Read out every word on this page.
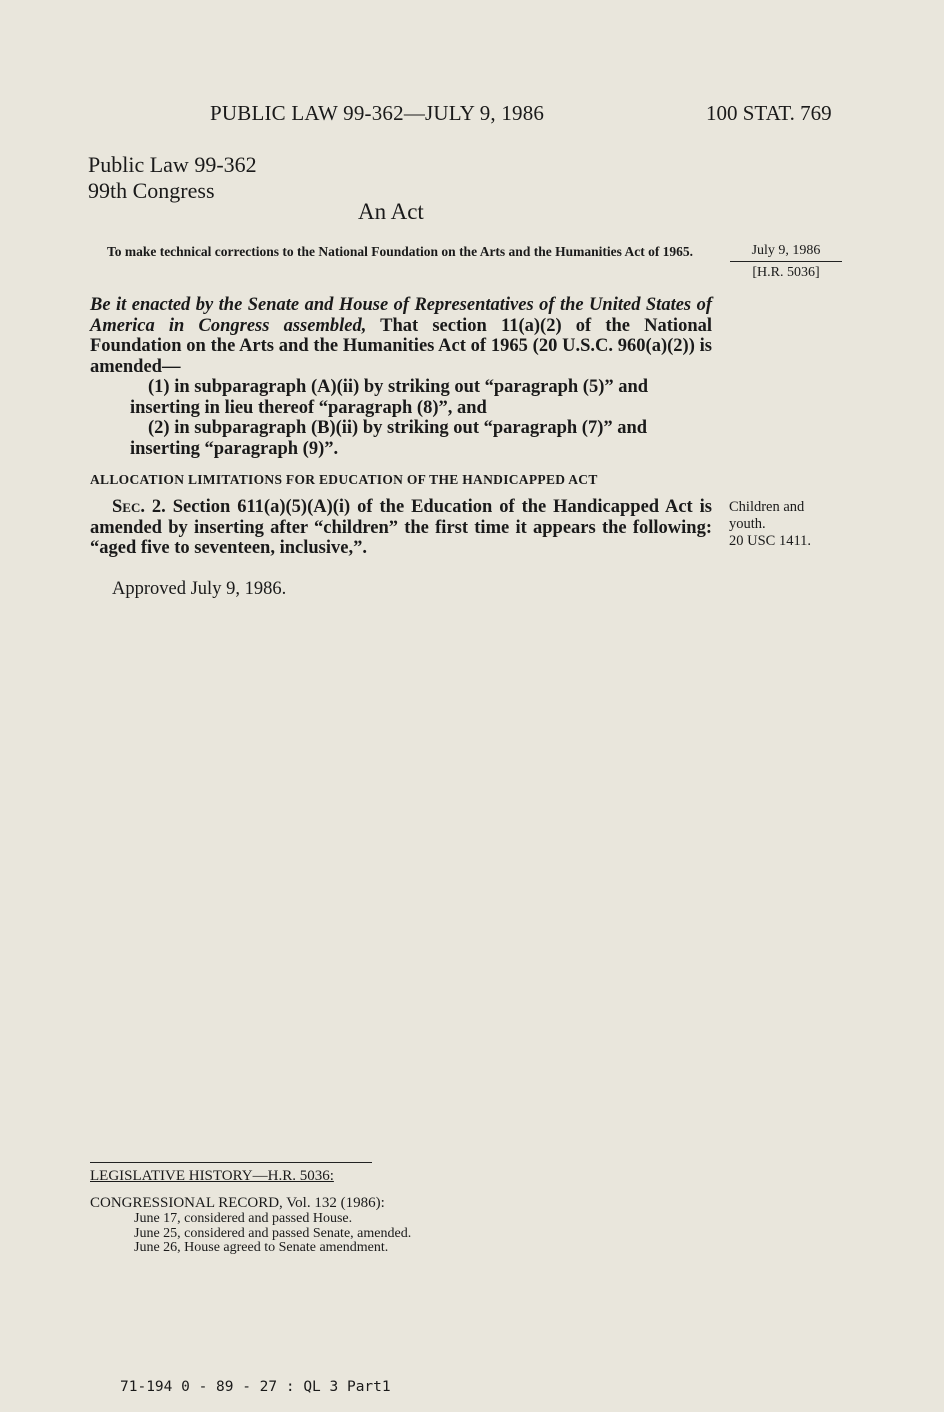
PUBLIC LAW 99-362—JULY 9, 1986	100 STAT. 769
Public Law 99-362
99th Congress
An Act
To make technical corrections to the National Foundation on the Arts and the Humanities Act of 1965.	July 9, 1986
[H.R. 5036]

Be it enacted by the Senate and House of Representatives of the United States of America in Congress assembled, That section 11(a)(2) of the National Foundation on the Arts and the Humanities Act of 1965 (20 U.S.C. 960(a)(2)) is amended—

(1) in subparagraph (A)(ii) by striking out “paragraph (5)” and
inserting in lieu thereof “paragraph (8)”, and
(2) in subparagraph (B)(ii) by striking out “paragraph (7)” and
inserting “paragraph (9)”.
ALLOCATION LIMITATIONS FOR EDUCATION OF THE HANDICAPPED ACT

Sec. 2. Section 611(a)(5)(A)(i) of the Education of the Handicapped Act is amended by inserting after “children” the first time it appears the following: “aged five to seventeen, inclusive,”.

Children and
youth.
20 USC 1411.
Approved July 9, 1986.
LEGISLATIVE HISTORY—H.R. 5036:
CONGRESSIONAL RECORD, Vol. 132 (1986):
June 17, considered and passed House.
June 25, considered and passed Senate, amended.
June 26, House agreed to Senate amendment.
71-194 0 - 89 - 27 : QL 3 Part1
